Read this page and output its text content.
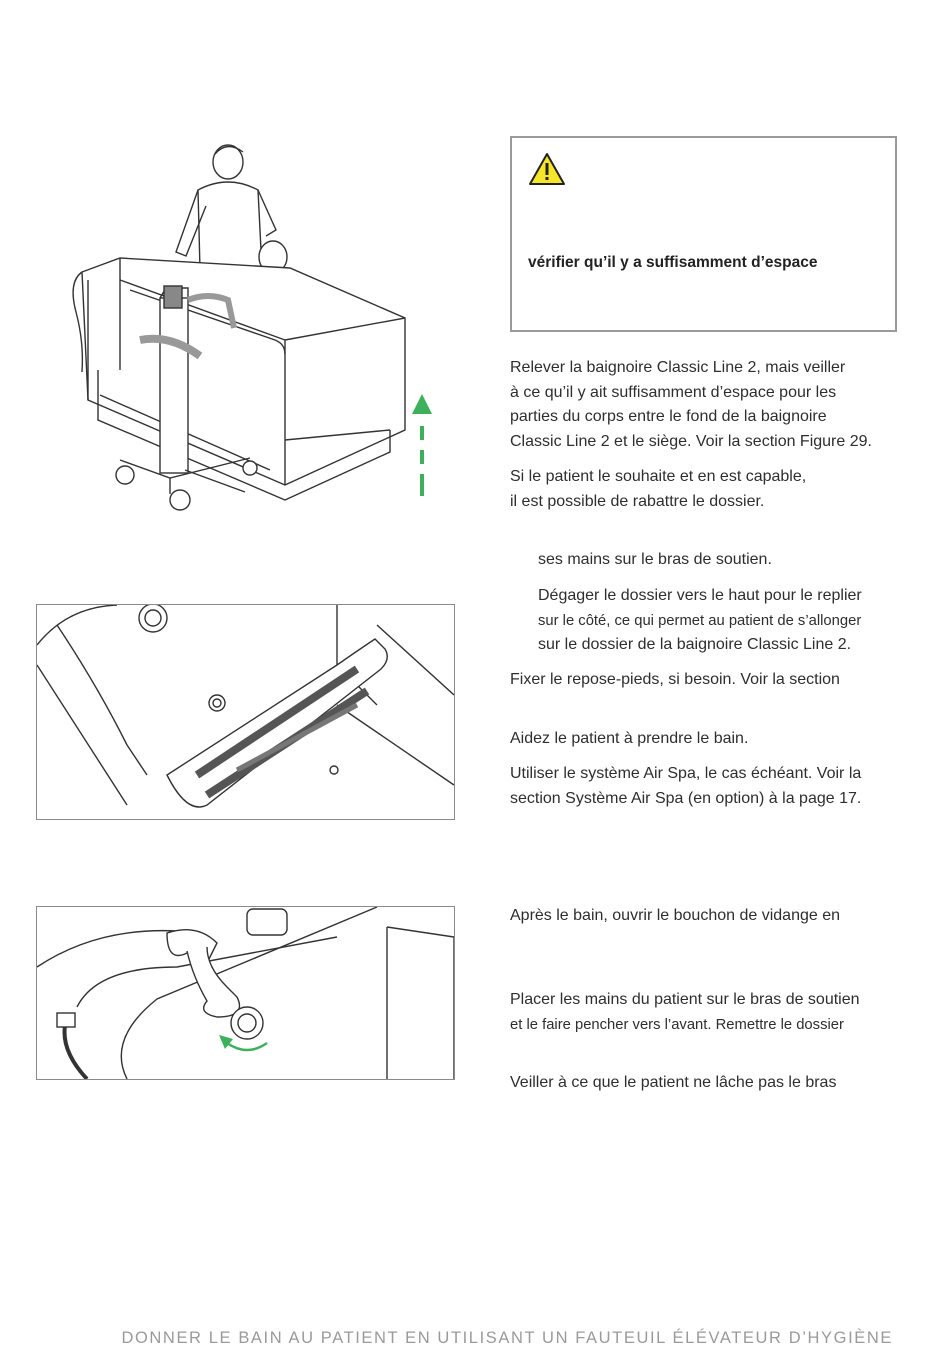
vérifier qu’il y a suffisamment d’espace
Relever la baignoire Classic Line 2, mais veiller
à ce qu’il y ait suffisamment d’espace pour les
parties du corps entre le fond de la baignoire
Classic Line 2 et le siège. Voir la section Figure 29.
Si le patient le souhaite et en est capable,
il est possible de rabattre le dossier.
ses mains sur le bras de soutien.
Dégager le dossier vers le haut pour le replier
sur le côté, ce qui permet au patient de s’allonger
sur le dossier de la baignoire Classic Line 2.
Fixer le repose-pieds, si besoin. Voir la section
Aidez le patient à prendre le bain.
Utiliser le système Air Spa, le cas échéant. Voir la
section Système Air Spa (en option) à la page 17.
Après le bain, ouvrir le bouchon de vidange en
Placer les mains du patient sur le bras de soutien
et le faire pencher vers l’avant. Remettre le dossier
Veiller à ce que le patient ne lâche pas le bras
DONNER LE BAIN AU PATIENT EN UTILISANT UN FAUTEUIL ÉLÉVATEUR D’HYGIÈNE
